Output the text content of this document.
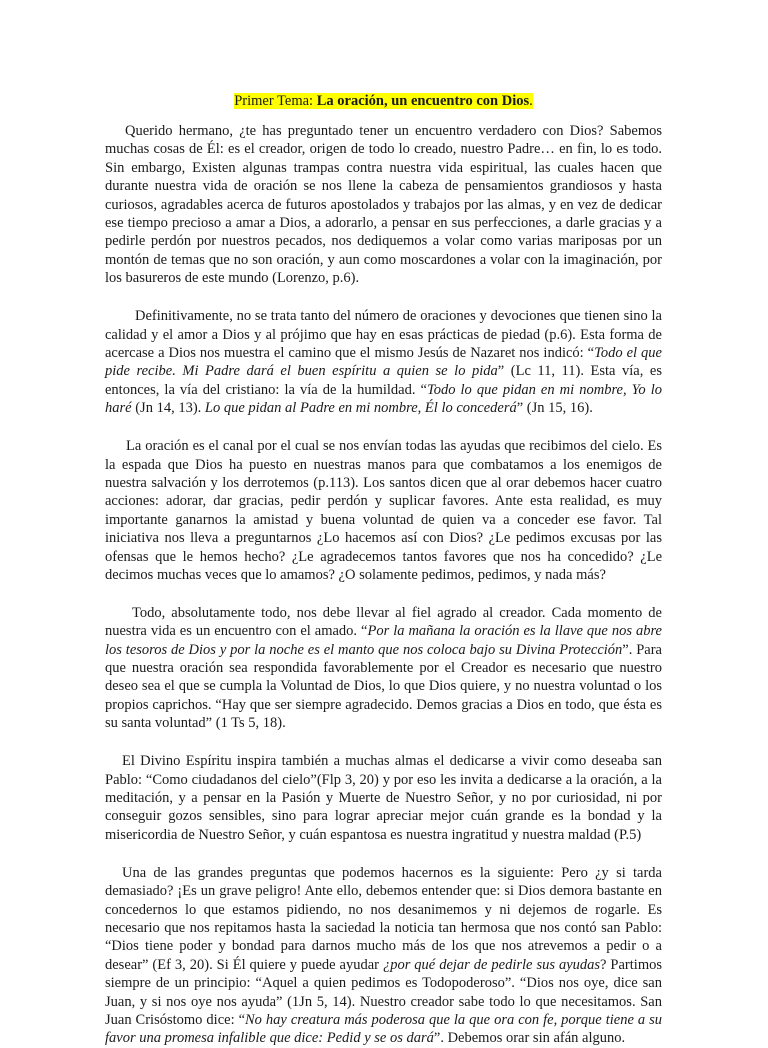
Primer Tema: La oración, un encuentro con Dios.

Querido hermano, ¿te has preguntado tener un encuentro verdadero con Dios? Sabemos muchas cosas de Él: es el creador, origen de todo lo creado, nuestro Padre… en fin, lo es todo. Sin embargo, Existen algunas trampas contra nuestra vida espiritual, las cuales hacen que durante nuestra vida de oración se nos llene la cabeza de pensamientos grandiosos y hasta curiosos, agradables acerca de futuros apostolados y trabajos por las almas, y en vez de dedicar ese tiempo precioso a amar a Dios, a adorarlo, a pensar en sus perfecciones, a darle gracias y a pedirle perdón por nuestros pecados, nos dediquemos a volar como varias mariposas por un montón de temas que no son oración, y aun como moscardones a volar con la imaginación, por los basureros de este mundo (Lorenzo, p.6).

Definitivamente, no se trata tanto del número de oraciones y devociones que tienen sino la calidad y el amor a Dios y al prójimo que hay en esas prácticas de piedad (p.6). Esta forma de acercase a Dios nos muestra el camino que el mismo Jesús de Nazaret nos indicó: “Todo el que pide recibe. Mi Padre dará el buen espíritu a quien se lo pida” (Lc 11, 11). Esta vía, es entonces, la vía del cristiano: la vía de la humildad. “Todo lo que pidan en mi nombre, Yo lo haré (Jn 14, 13). Lo que pidan al Padre en mi nombre, Él lo concederá” (Jn 15, 16).

La oración es el canal por el cual se nos envían todas las ayudas que recibimos del cielo. Es la espada que Dios ha puesto en nuestras manos para que combatamos a los enemigos de nuestra salvación y los derrotemos (p.113). Los santos dicen que al orar debemos hacer cuatro acciones: adorar, dar gracias, pedir perdón y suplicar favores. Ante esta realidad, es muy importante ganarnos la amistad y buena voluntad de quien va a conceder ese favor. Tal iniciativa nos lleva a preguntarnos ¿Lo hacemos así con Dios? ¿Le pedimos excusas por las ofensas que le hemos hecho? ¿Le agradecemos tantos favores que nos ha concedido? ¿Le decimos muchas veces que lo amamos? ¿O solamente pedimos, pedimos, y nada más?

Todo, absolutamente todo, nos debe llevar al fiel agrado al creador. Cada momento de nuestra vida es un encuentro con el amado. “Por la mañana la oración es la llave que nos abre los tesoros de Dios y por la noche es el manto que nos coloca bajo su Divina Protección”. Para que nuestra oración sea respondida favorablemente por el Creador es necesario que nuestro deseo sea el que se cumpla la Voluntad de Dios, lo que Dios quiere, y no nuestra voluntad o los propios caprichos. “Hay que ser siempre agradecido. Demos gracias a Dios en todo, que ésta es su santa voluntad” (1 Ts 5, 18).

El Divino Espíritu inspira también a muchas almas el dedicarse a vivir como deseaba san Pablo: “Como ciudadanos del cielo”(Flp 3, 20) y por eso les invita a dedicarse a la oración, a la meditación, y a pensar en la Pasión y Muerte de Nuestro Señor, y no por curiosidad, ni por conseguir gozos sensibles, sino para lograr apreciar mejor cuán grande es la bondad y la misericordia de Nuestro Señor, y cuán espantosa es nuestra ingratitud y nuestra maldad (P.5)

Una de las grandes preguntas que podemos hacernos es la siguiente: Pero ¿y si tarda demasiado? ¡Es un grave peligro! Ante ello, debemos entender que: si Dios demora bastante en concedernos lo que estamos pidiendo, no nos desanimemos y ni dejemos de rogarle. Es necesario que nos repitamos hasta la saciedad la noticia tan hermosa que nos contó san Pablo: “Dios tiene poder y bondad para darnos mucho más de los que nos atrevemos a pedir o a desear” (Ef 3, 20). Si Él quiere y puede ayudar ¿por qué dejar de pedirle sus ayudas? Partimos siempre de un principio: “Aquel a quien pedimos es Todopoderoso”. “Dios nos oye, dice san Juan, y si nos oye nos ayuda” (1Jn 5, 14). Nuestro creador sabe todo lo que necesitamos. San Juan Crisóstomo dice: “No hay creatura más poderosa que la que ora con fe, porque tiene a su favor una promesa infalible que dice: Pedid y se os dará”. Debemos orar sin afán alguno.
